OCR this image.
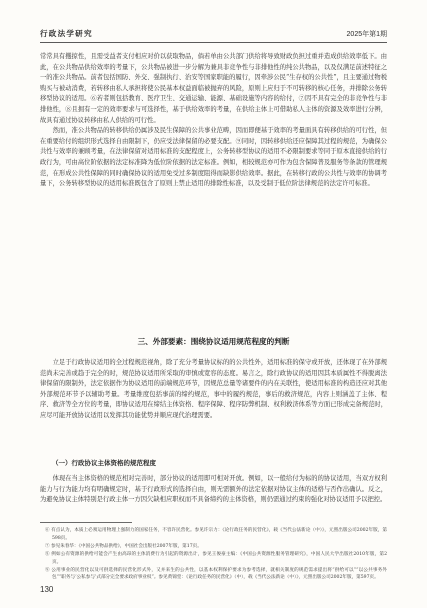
行政法学研究	2025年第1期

常常具有攫掠性，且需受益者支付相应对价以获取物品，倘若单由公共部门供给将导致财政负担过重并造成供给效率低下。由此，在公共物品供给效率的考量下，公共物品被进一步分解为兼具非竞争性与非排他性的纯公共物品，以及仅满足前述特征之一的准公共物品。前者包括国防、外交、强制执行、治安等国家职能的履行，因牵涉公民“生存权的公共性”，且主要通过物税购买与被动消费，若转移由私人承担将使公民基本权益面临被抛弃的风险，原则上应归于不可转移的核心任务，并排除公务转移型协议的适用。⑥若者则包括教育、医疗卫生、交通运输、能源、基础设施等内容的给付，⑦因不具有完全的非竞争性与非排他性，⑧且拥有一定的效率要求与可选择性，基于供给效率的考量，在供给主体上可借助私人主体的资源及效率进行分辨，故具有通过协议转移由私人供给的可行性。

然而，准公共物品的转移供给仍属涉及民生保障的公共事业范畴，因而即便基于效率的考量面具有转移供给的可行性，但在重要给付的组织形式选择自由限制下，仍应受法律保留的必要支配。⑨同时，因转移供给还应保障其过程的规范，为确保公共性与效率的兼顾考量，在法律保留对适用标准的支配程度上，公务转移型协议的适用不必限制要求等同于原本直接供给的行政行为，可由高位阶依据的法定标准降为低位阶依据的法定标准。例如，相较规范亦可作为包含保障普及服务等条款的管理规范，在形成公共性保障的同时确保协议的适用免受过多制度阻得而缺影供给效率。据此，在转移行政的公共性与效率的协调考量下，公务转移型协议的适用标准既包含了原则上禁止适用的排除性标准，以及受制于低位阶法律规范的法定许可标准。

三、外部要素：围绕协议适用规范程度的判断

立足于行政协议适用的全过程规范视角，除了充分考量协议标的的公共性外，适用标准的保守或开放，还体现了在外部规范尚未完善或趋于完全的时，规范协议适用所采取的审慎或宽容的态度。易言之，除行政协议的适用因其本质属性不得脱离法律保留的限制外，法定依据作为协议适用的前端规范环节，因规范总量等诸要件的内在关联性，使适用标准的构造还应对其他外部规范环节予以辅助考量。考量维度包括事前的缔约规范，事中的履约规范，事后的救济规范，内容上则涵盖了主体、程序、救济等全方位的考量，即协议适用在缔结主体资格、程序保障、程序防弊机制、权利救济体系等方面已形成完备规范时，应尽可能开放协议适用以发挥其功能优势并顺应现代治理需要。

（一）行政协议主体资格的规范程度

体现在当主体资格的规范相对完善时，部分协议的适用即可相对开放。例如，以一般给付为标的的协议适用，当双方权利能力与行为能力均有明确规定时，基于行政形式的选择自由，则无需额外的法定依据对协议主体的适格与否作出确认。反之，为避免协议主体特别是行政主体一方因欠缺相应职权而不具备缔约的主体资格，则仍需通过约束的强化对协议适用予以把控。

⑥ 有点认为，本质上必须运用物理上强制力的国家任务，不容许民营化。参见许宗力：《论行政任务的民营化》，载《当代公法新论（中）》，元照出版公司2002年版，第598页。
⑦ 参见朱春华：《中国公共物品供给》，中国社会出版社2007年版，第17页。
⑧ 例如公有资源的供给可能会产生由高昂的主体消费行为引起的资源出计，参见王俊豪主编：《中国公共资源性服务管理研究》，中国人民大学出版社2010年版，第2页。
⑨ 公用事业的民营化以及可供选择的民营化形式外，又并来生的公共性，以基本权利保护要求为参考选择，就相关制度的规范需求提出将“供给可以”“以公共事务外包”“职务与‘公私参与’式部分完全要求政府事业权”。参见黄锦堂：《论行政任务的民营化》（中），载《当代公法新论（中）》，元照出版公司2002年版，第597页。
130
